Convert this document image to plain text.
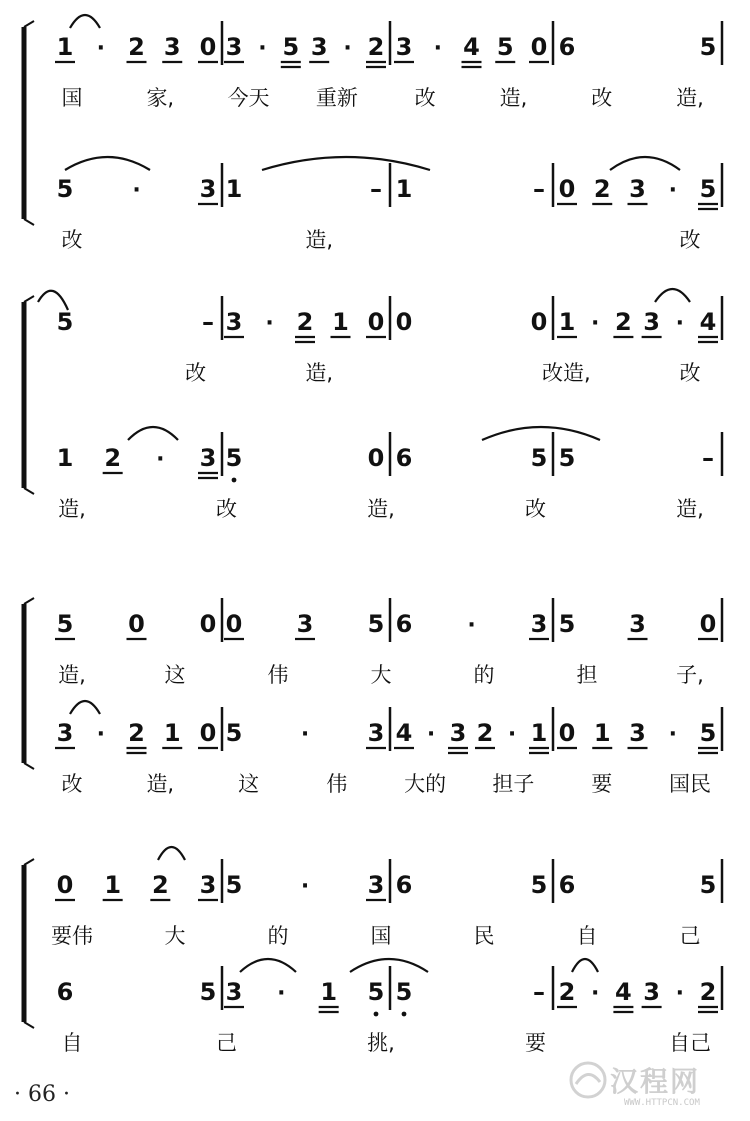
1 · 2 3 0 3 · 5 3 · 2 3 · 4 5 0 6	5
国	家,	今天 重新	改	造,	改	造,
5	· 3 1	– 1	– 0 2 3 · 5
改	造,	改
5	– 3 · 2 1 0 0	0 1 · 2 3 · 4
改	造,	改造,	改
1 2 · 3 5	0 6	5 5	–
造,	改	造,	改	造,
5 0 0 0 3 5 6 · 3 5 3 0
造,	这	伟	大	的	担	子,
3 · 2 1 0 5	· 3 4 · 3 2 · 1 0 1 3 · 5
改	造,	这	伟	大的 担子	要	国民
0 1 2 3 5	· 3 6	5 6	5
要伟	大	的	国	民	自	己
6	5 3 · 1 5 5	– 2 · 4 3 · 2
自	己	挑,	要	自己
· 66 ·	汉程网
WWW.HTTPCN.COM
